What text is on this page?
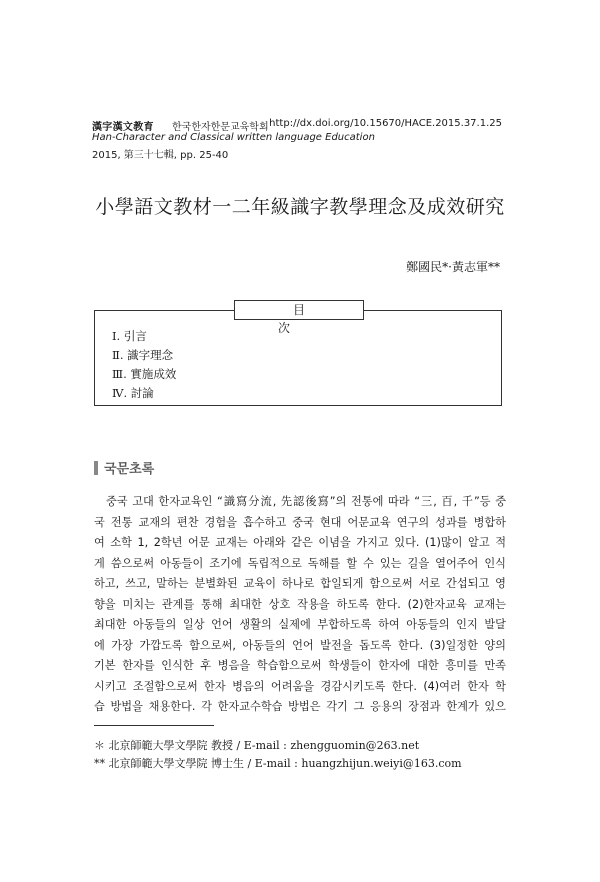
漢字漢文教育 한국한자한문교육학회 http://dx.doi.org/10.15670/HACE.2015.37.1.25
Han-Character and Classical written language Education
2015, 第三十七輯, pp. 25-40
小學語文教材一二年級識字教學理念及成效研究
鄭國民*·黃志軍**
目 次
Ⅰ. 引言
Ⅱ. 識字理念
Ⅲ. 實施成效
Ⅳ. 討論
국문초록
중국 고대 한자교육인 “識寫分流, 先認後寫”의 전통에 따라 “三, 百, 千”등 중
국 전통 교재의 편찬 경험을 흡수하고 중국 현대 어문교육 연구의 성과를 병합하
여 소학 1, 2학년 어문 교재는 아래와 같은 이념을 가지고 있다. (1)많이 알고 적
게 씀으로써 아동들이 조기에 독립적으로 독해를 할 수 있는 길을 열어주어 인식
하고, 쓰고, 말하는 분별화된 교육이 하나로 합일되게 함으로써 서로 간섭되고 영
향을 미치는 관계를 통해 최대한 상호 작용을 하도록 한다. (2)한자교육 교재는
최대한 아동들의 일상 언어 생활의 실제에 부합하도록 하여 아동들의 인지 발달
에 가장 가깝도록 함으로써, 아동들의 언어 발전을 돕도록 한다. (3)일정한 양의
기본 한자를 인식한 후 병음을 학습함으로써 학생들이 한자에 대한 흥미를 만족
시키고 조절함으로써 한자 병음의 어려움을 경감시키도록 한다. (4)여러 한자 학
습 방법을 채용한다. 각 한자교수학습 방법은 각기 그 응용의 장점과 한계가 있으
＊ 北京師範大學文學院 教授 / E-mail : zhengguomin@263.net
** 北京師範大學文學院 博士生 / E-mail : huangzhijun.weiyi@163.com
